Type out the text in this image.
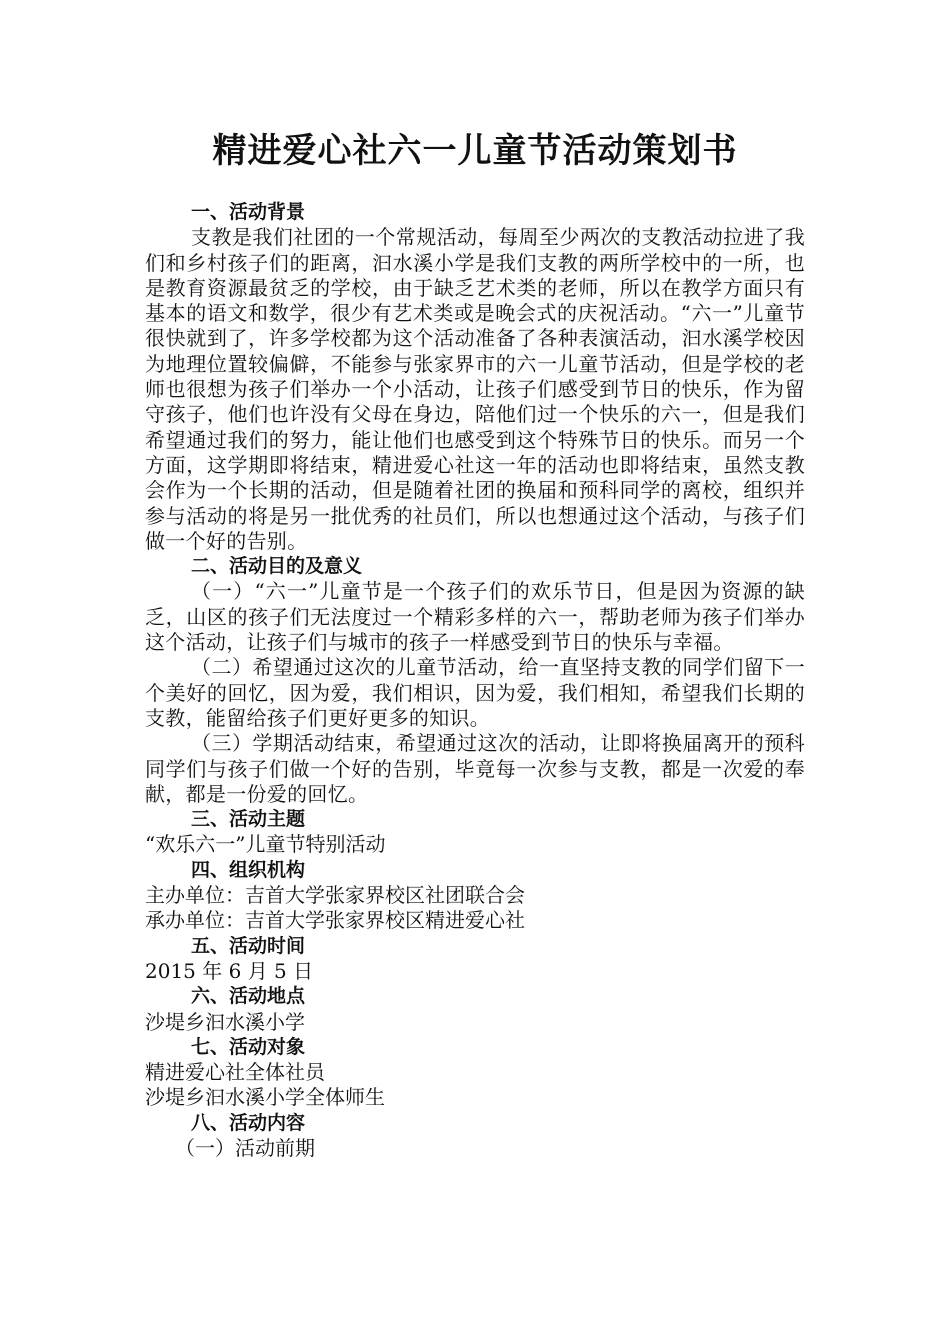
精进爱心社六一儿童节活动策划书

一、活动背景

支教是我们社团的一个常规活动，每周至少两次的支教活动拉进了我们和乡村孩子们的距离，汩水溪小学是我们支教的两所学校中的一所，也是教育资源最贫乏的学校，由于缺乏艺术类的老师，所以在教学方面只有基本的语文和数学，很少有艺术类或是晚会式的庆祝活动。“六一”儿童节很快就到了，许多学校都为这个活动准备了各种表演活动，汩水溪学校因为地理位置较偏僻，不能参与张家界市的六一儿童节活动，但是学校的老师也很想为孩子们举办一个小活动，让孩子们感受到节日的快乐，作为留守孩子，他们也许没有父母在身边，陪他们过一个快乐的六一，但是我们希望通过我们的努力，能让他们也感受到这个特殊节日的快乐。而另一个方面，这学期即将结束，精进爱心社这一年的活动也即将结束，虽然支教会作为一个长期的活动，但是随着社团的换届和预科同学的离校，组织并参与活动的将是另一批优秀的社员们，所以也想通过这个活动，与孩子们做一个好的告别。

二、活动目的及意义

（一）“六一”儿童节是一个孩子们的欢乐节日，但是因为资源的缺乏，山区的孩子们无法度过一个精彩多样的六一，帮助老师为孩子们举办这个活动，让孩子们与城市的孩子一样感受到节日的快乐与幸福。

（二）希望通过这次的儿童节活动，给一直坚持支教的同学们留下一个美好的回忆，因为爱，我们相识，因为爱，我们相知，希望我们长期的支教，能留给孩子们更好更多的知识。

（三）学期活动结束，希望通过这次的活动，让即将换届离开的预科同学们与孩子们做一个好的告别，毕竟每一次参与支教，都是一次爱的奉献，都是一份爱的回忆。

三、活动主题

“欢乐六一”儿童节特别活动

四、组织机构

主办单位：吉首大学张家界校区社团联合会

承办单位：吉首大学张家界校区精进爱心社

五、活动时间

2015 年 6 月 5 日

六、活动地点

沙堤乡汩水溪小学

七、活动对象

精进爱心社全体社员

沙堤乡汩水溪小学全体师生

八、活动内容

（一）活动前期
